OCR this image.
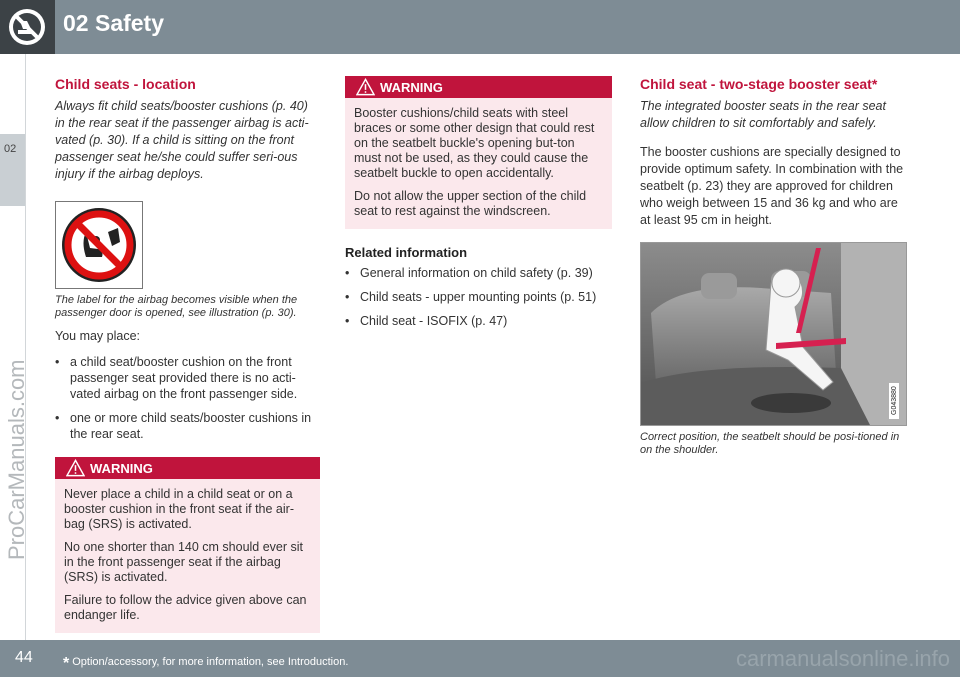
02 Safety
02
ProCarManuals.com
Child seats - location

Always fit child seats/booster cushions (p. 40) in the rear seat if the passenger airbag is acti-vated (p. 30). If a child is sitting on the front passenger seat he/she could suffer seri-ous injury if the airbag deploys.

The label for the airbag becomes visible when the passenger door is opened, see illustration (p. 30).

You may place:

• a child seat/booster cushion on the front passenger seat provided there is no acti-vated airbag on the front passenger side.
• one or more child seats/booster cushions in the rear seat.
WARNING

Never place a child in a child seat or on a booster cushion in the front seat if the air-bag (SRS) is activated.

No one shorter than 140 cm should ever sit in the front passenger seat if the airbag (SRS) is activated.

Failure to follow the advice given above can endanger life.

WARNING

Booster cushions/child seats with steel braces or some other design that could rest on the seatbelt buckle's opening but-ton must not be used, as they could cause the seatbelt buckle to open accidentally.

Do not allow the upper section of the child seat to rest against the windscreen.

Related information
• General information on child safety (p. 39)
• Child seats - upper mounting points (p. 51)
• Child seat - ISOFIX (p. 47)
Child seat - two-stage booster seat*

The integrated booster seats in the rear seat allow children to sit comfortably and safely.

The booster cushions are specially designed to provide optimum safety. In combination with the seatbelt (p. 23) they are approved for children who weigh between 15 and 36 kg and who are at least 95 cm in height.

G043880

Correct position, the seatbelt should be posi-tioned in on the shoulder.

44 * Option/accessory, for more information, see Introduction.	carmanualsonline.info
